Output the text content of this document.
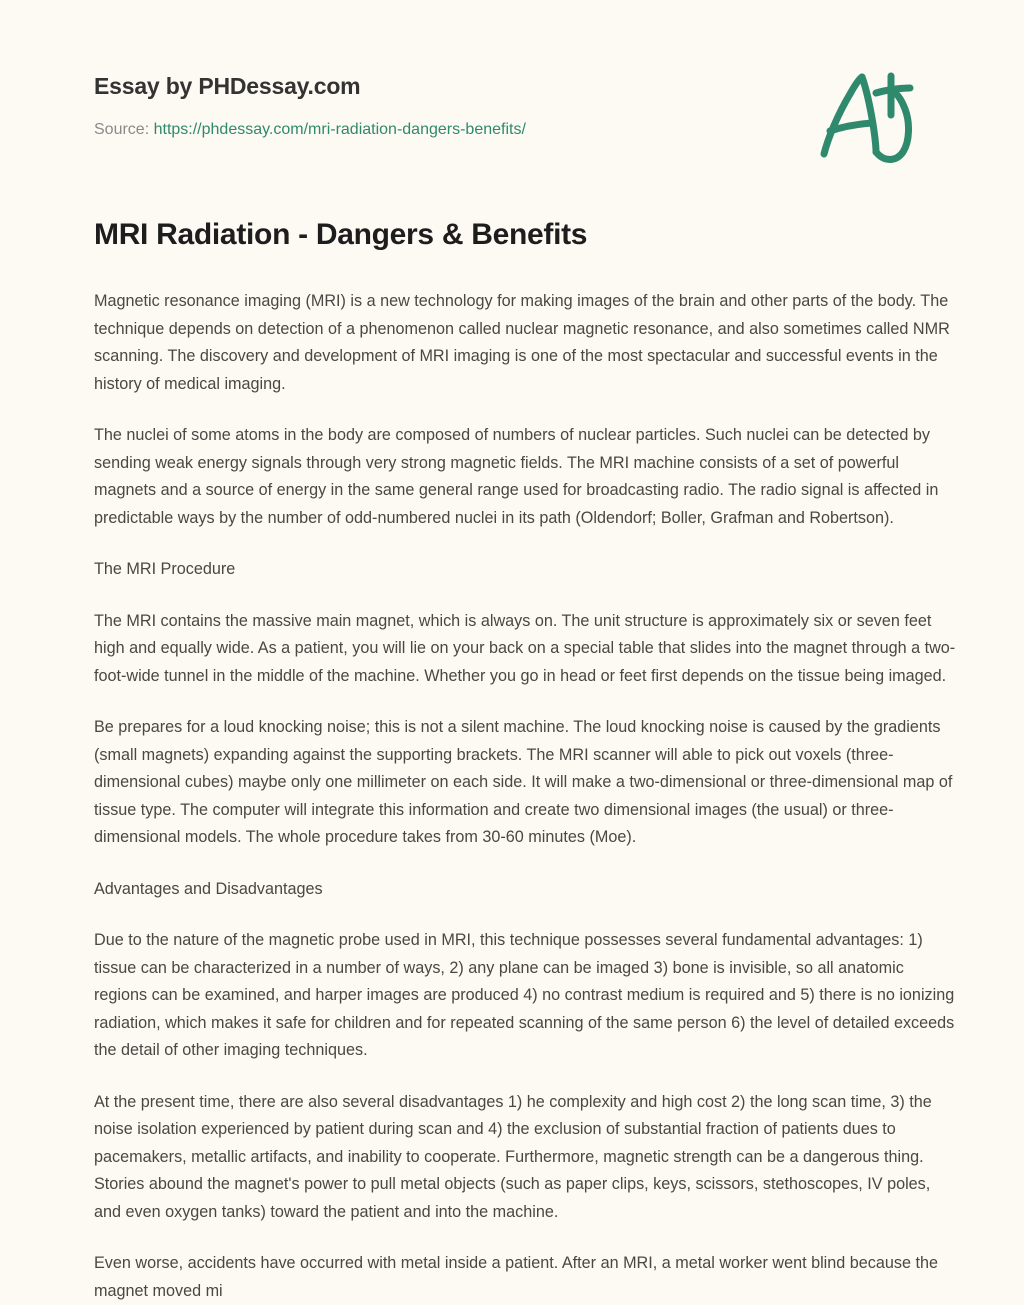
Essay by PHDessay.com

Source: https://phdessay.com/mri-radiation-dangers-benefits/

MRI Radiation - Dangers & Benefits

Magnetic resonance imaging (MRI) is a new technology for making images of the brain and other parts of the body. The technique depends on detection of a phenomenon called nuclear magnetic resonance, and also sometimes called NMR scanning. The discovery and development of MRI imaging is one of the most spectacular and successful events in the history of medical imaging.

The nuclei of some atoms in the body are composed of numbers of nuclear particles. Such nuclei can be detected by sending weak energy signals through very strong magnetic fields. The MRI machine consists of a set of powerful magnets and a source of energy in the same general range used for broadcasting radio. The radio signal is affected in predictable ways by the number of odd-numbered nuclei in its path (Oldendorf; Boller, Grafman and Robertson).

The MRI Procedure

The MRI contains the massive main magnet, which is always on. The unit structure is approximately six or seven feet high and equally wide. As a patient, you will lie on your back on a special table that slides into the magnet through a two-foot-wide tunnel in the middle of the machine. Whether you go in head or feet first depends on the tissue being imaged.

Be prepares for a loud knocking noise; this is not a silent machine. The loud knocking noise is caused by the gradients (small magnets) expanding against the supporting brackets. The MRI scanner will able to pick out voxels (three-dimensional cubes) maybe only one millimeter on each side. It will make a two-dimensional or three-dimensional map of tissue type. The computer will integrate this information and create two dimensional images (the usual) or three-dimensional models. The whole procedure takes from 30-60 minutes (Moe).

Advantages and Disadvantages

Due to the nature of the magnetic probe used in MRI, this technique possesses several fundamental advantages: 1) tissue can be characterized in a number of ways, 2) any plane can be imaged 3) bone is invisible, so all anatomic regions can be examined, and harper images are produced 4) no contrast medium is required and 5) there is no ionizing radiation, which makes it safe for children and for repeated scanning of the same person 6) the level of detailed exceeds the detail of other imaging techniques.

At the present time, there are also several disadvantages 1) he complexity and high cost 2) the long scan time, 3) the noise isolation experienced by patient during scan and 4) the exclusion of substantial fraction of patients dues to pacemakers, metallic artifacts, and inability to cooperate. Furthermore, magnetic strength can be a dangerous thing. Stories abound the magnet's power to pull metal objects (such as paper clips, keys, scissors, stethoscopes, IV poles, and even oxygen tanks) toward the patient and into the machine.

Even worse, accidents have occurred with metal inside a patient. After an MRI, a metal worker went blind because the magnet moved mi
